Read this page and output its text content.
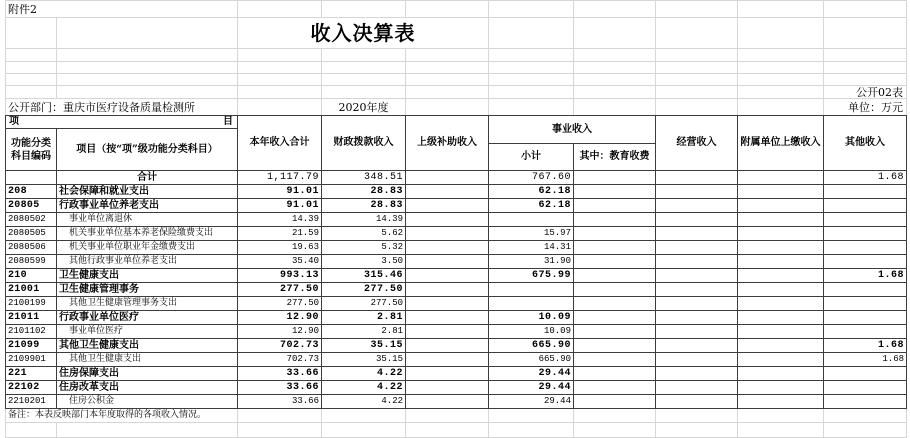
附件2									
		收入决算表							

									公开02表
公开部门：重庆市医疗设备质量检测所			2020年度						单位：万元

项 目		本年收入合计	财政拨款收入	上级补助收入	事业收入		经营收入	附属单位上缴收入	其他收入

功能分类
科目编码	项目（按“项”级功能分类科目）								
					小计	其中：教育收费			
	合计	1,117.79	348.51		767.60				1.68
208	社会保障和就业支出	91.01	28.83		62.18				
20805	行政事业单位养老支出	91.01	28.83		62.18				
2080502	事业单位离退休	14.39	14.39						
2080505	机关事业单位基本养老保险缴费支出	21.59	5.62		15.97				
2080506	机关事业单位职业年金缴费支出	19.63	5.32		14.31				
2080599	其他行政事业单位养老支出	35.40	3.50		31.90				
210	卫生健康支出	993.13	315.46		675.99				1.68
21001	卫生健康管理事务	277.50	277.50						
2100199	其他卫生健康管理事务支出	277.50	277.50						
21011	行政事业单位医疗	12.90	2.81		10.09				
2101102	事业单位医疗	12.90	2.81		10.09				
21099	其他卫生健康支出	702.73	35.15		665.90				1.68
2109901	其他卫生健康支出	702.73	35.15		665.90				1.68
221	住房保障支出	33.66	4.22		29.44				
22102	住房改革支出	33.66	4.22		29.44				
2210201	住房公积金	33.66	4.22		29.44				
备注：本表反映部门本年度取得的各项收入情况。									
